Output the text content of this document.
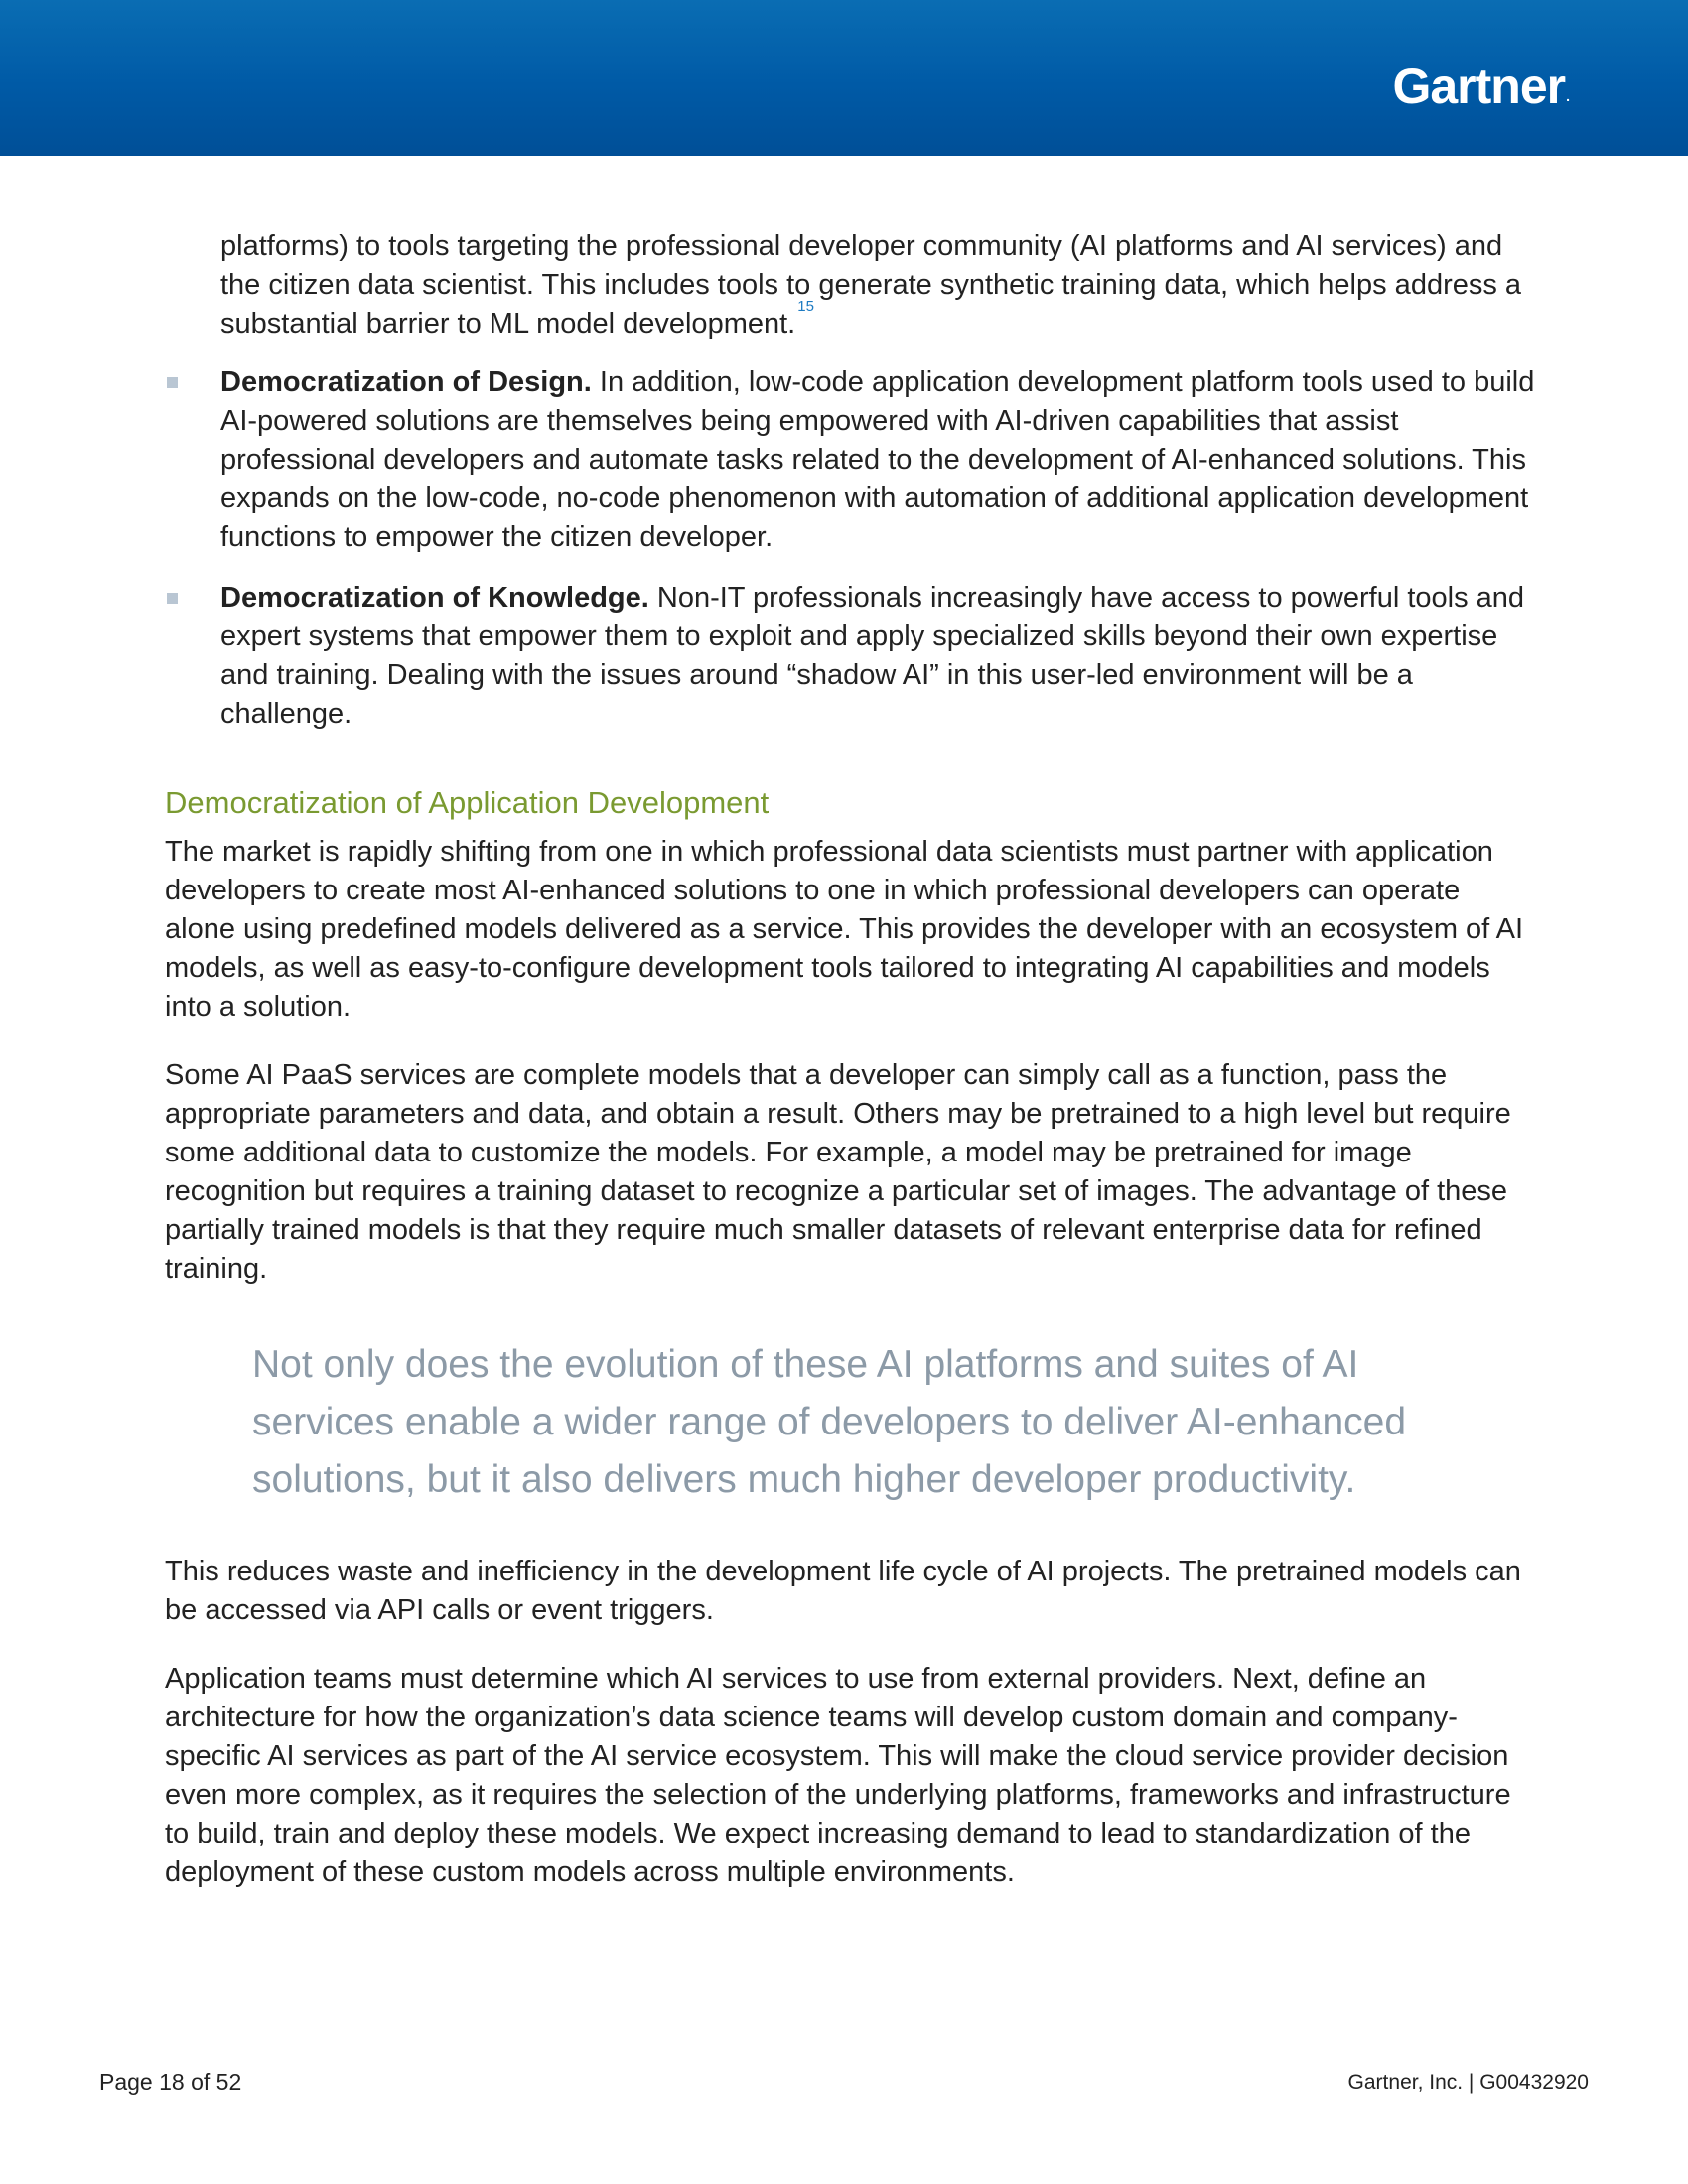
Gartner.

platforms) to tools targeting the professional developer community (AI platforms and AI services) and the citizen data scientist. This includes tools to generate synthetic training data, which helps address a substantial barrier to ML model development.$^{15}$

Democratization of Design. In addition, low-code application development platform tools used to build AI-powered solutions are themselves being empowered with AI-driven capabilities that assist professional developers and automate tasks related to the development of AI-enhanced solutions. This expands on the low-code, no-code phenomenon with automation of additional application development functions to empower the citizen developer.
Democratization of Knowledge. Non-IT professionals increasingly have access to powerful tools and expert systems that empower them to exploit and apply specialized skills beyond their own expertise and training. Dealing with the issues around “shadow AI” in this user-led environment will be a challenge.
Democratization of Application Development

The market is rapidly shifting from one in which professional data scientists must partner with application developers to create most AI-enhanced solutions to one in which professional developers can operate alone using predefined models delivered as a service. This provides the developer with an ecosystem of AI models, as well as easy-to-configure development tools tailored to integrating AI capabilities and models into a solution.

Some AI PaaS services are complete models that a developer can simply call as a function, pass the appropriate parameters and data, and obtain a result. Others may be pretrained to a high level but require some additional data to customize the models. For example, a model may be pretrained for image recognition but requires a training dataset to recognize a particular set of images. The advantage of these partially trained models is that they require much smaller datasets of relevant enterprise data for refined training.

Not only does the evolution of these AI platforms and suites of AI services enable a wider range of developers to deliver AI-enhanced solutions, but it also delivers much higher developer productivity.

This reduces waste and inefficiency in the development life cycle of AI projects. The pretrained models can be accessed via API calls or event triggers.

Application teams must determine which AI services to use from external providers. Next, define an architecture for how the organization’s data science teams will develop custom domain and company-specific AI services as part of the AI service ecosystem. This will make the cloud service provider decision even more complex, as it requires the selection of the underlying platforms, frameworks and infrastructure to build, train and deploy these models. We expect increasing demand to lead to standardization of the deployment of these custom models across multiple environments.

Page 18 of 52	Gartner, Inc. | G00432920
